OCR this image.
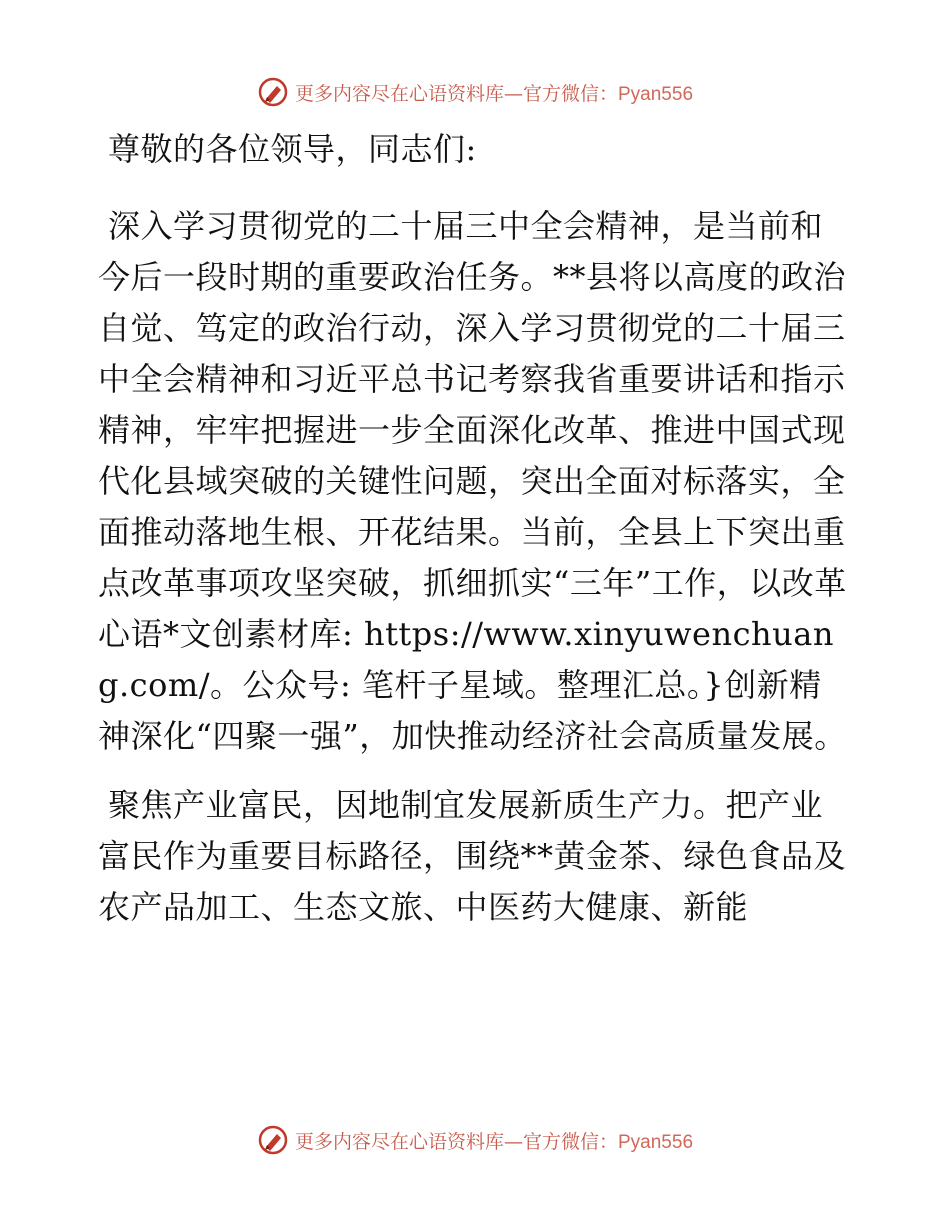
更多内容尽在心语资料库—官方微信：Pyan556

尊敬的各位领导，同志们:

深入学习贯彻党的二十届三中全会精神，是当前和今后一段时期的重要政治任务。**县将以高度的政治自觉、笃定的政治行动，深入学习贯彻党的二十届三中全会精神和习近平总书记考察我省重要讲话和指示精神，牢牢把握进一步全面深化改革、推进中国式现代化县域突破的关键性问题，突出全面对标落实，全面推动落地生根、开花结果。当前，全县上下突出重点改革事项攻坚突破，抓细抓实“三年”工作，以改革心语*文创素材库: https://www.xinyuwenchuang.com/。公众号: 笔杆子星域。整理汇总。}创新精神深化“四聚一强”，加快推动经济社会高质量发展。

聚焦产业富民，因地制宜发展新质生产力。把产业富民作为重要目标路径，围绕**黄金茶、绿色食品及农产品加工、生态文旅、中医药大健康、新能

更多内容尽在心语资料库—官方微信：Pyan556
